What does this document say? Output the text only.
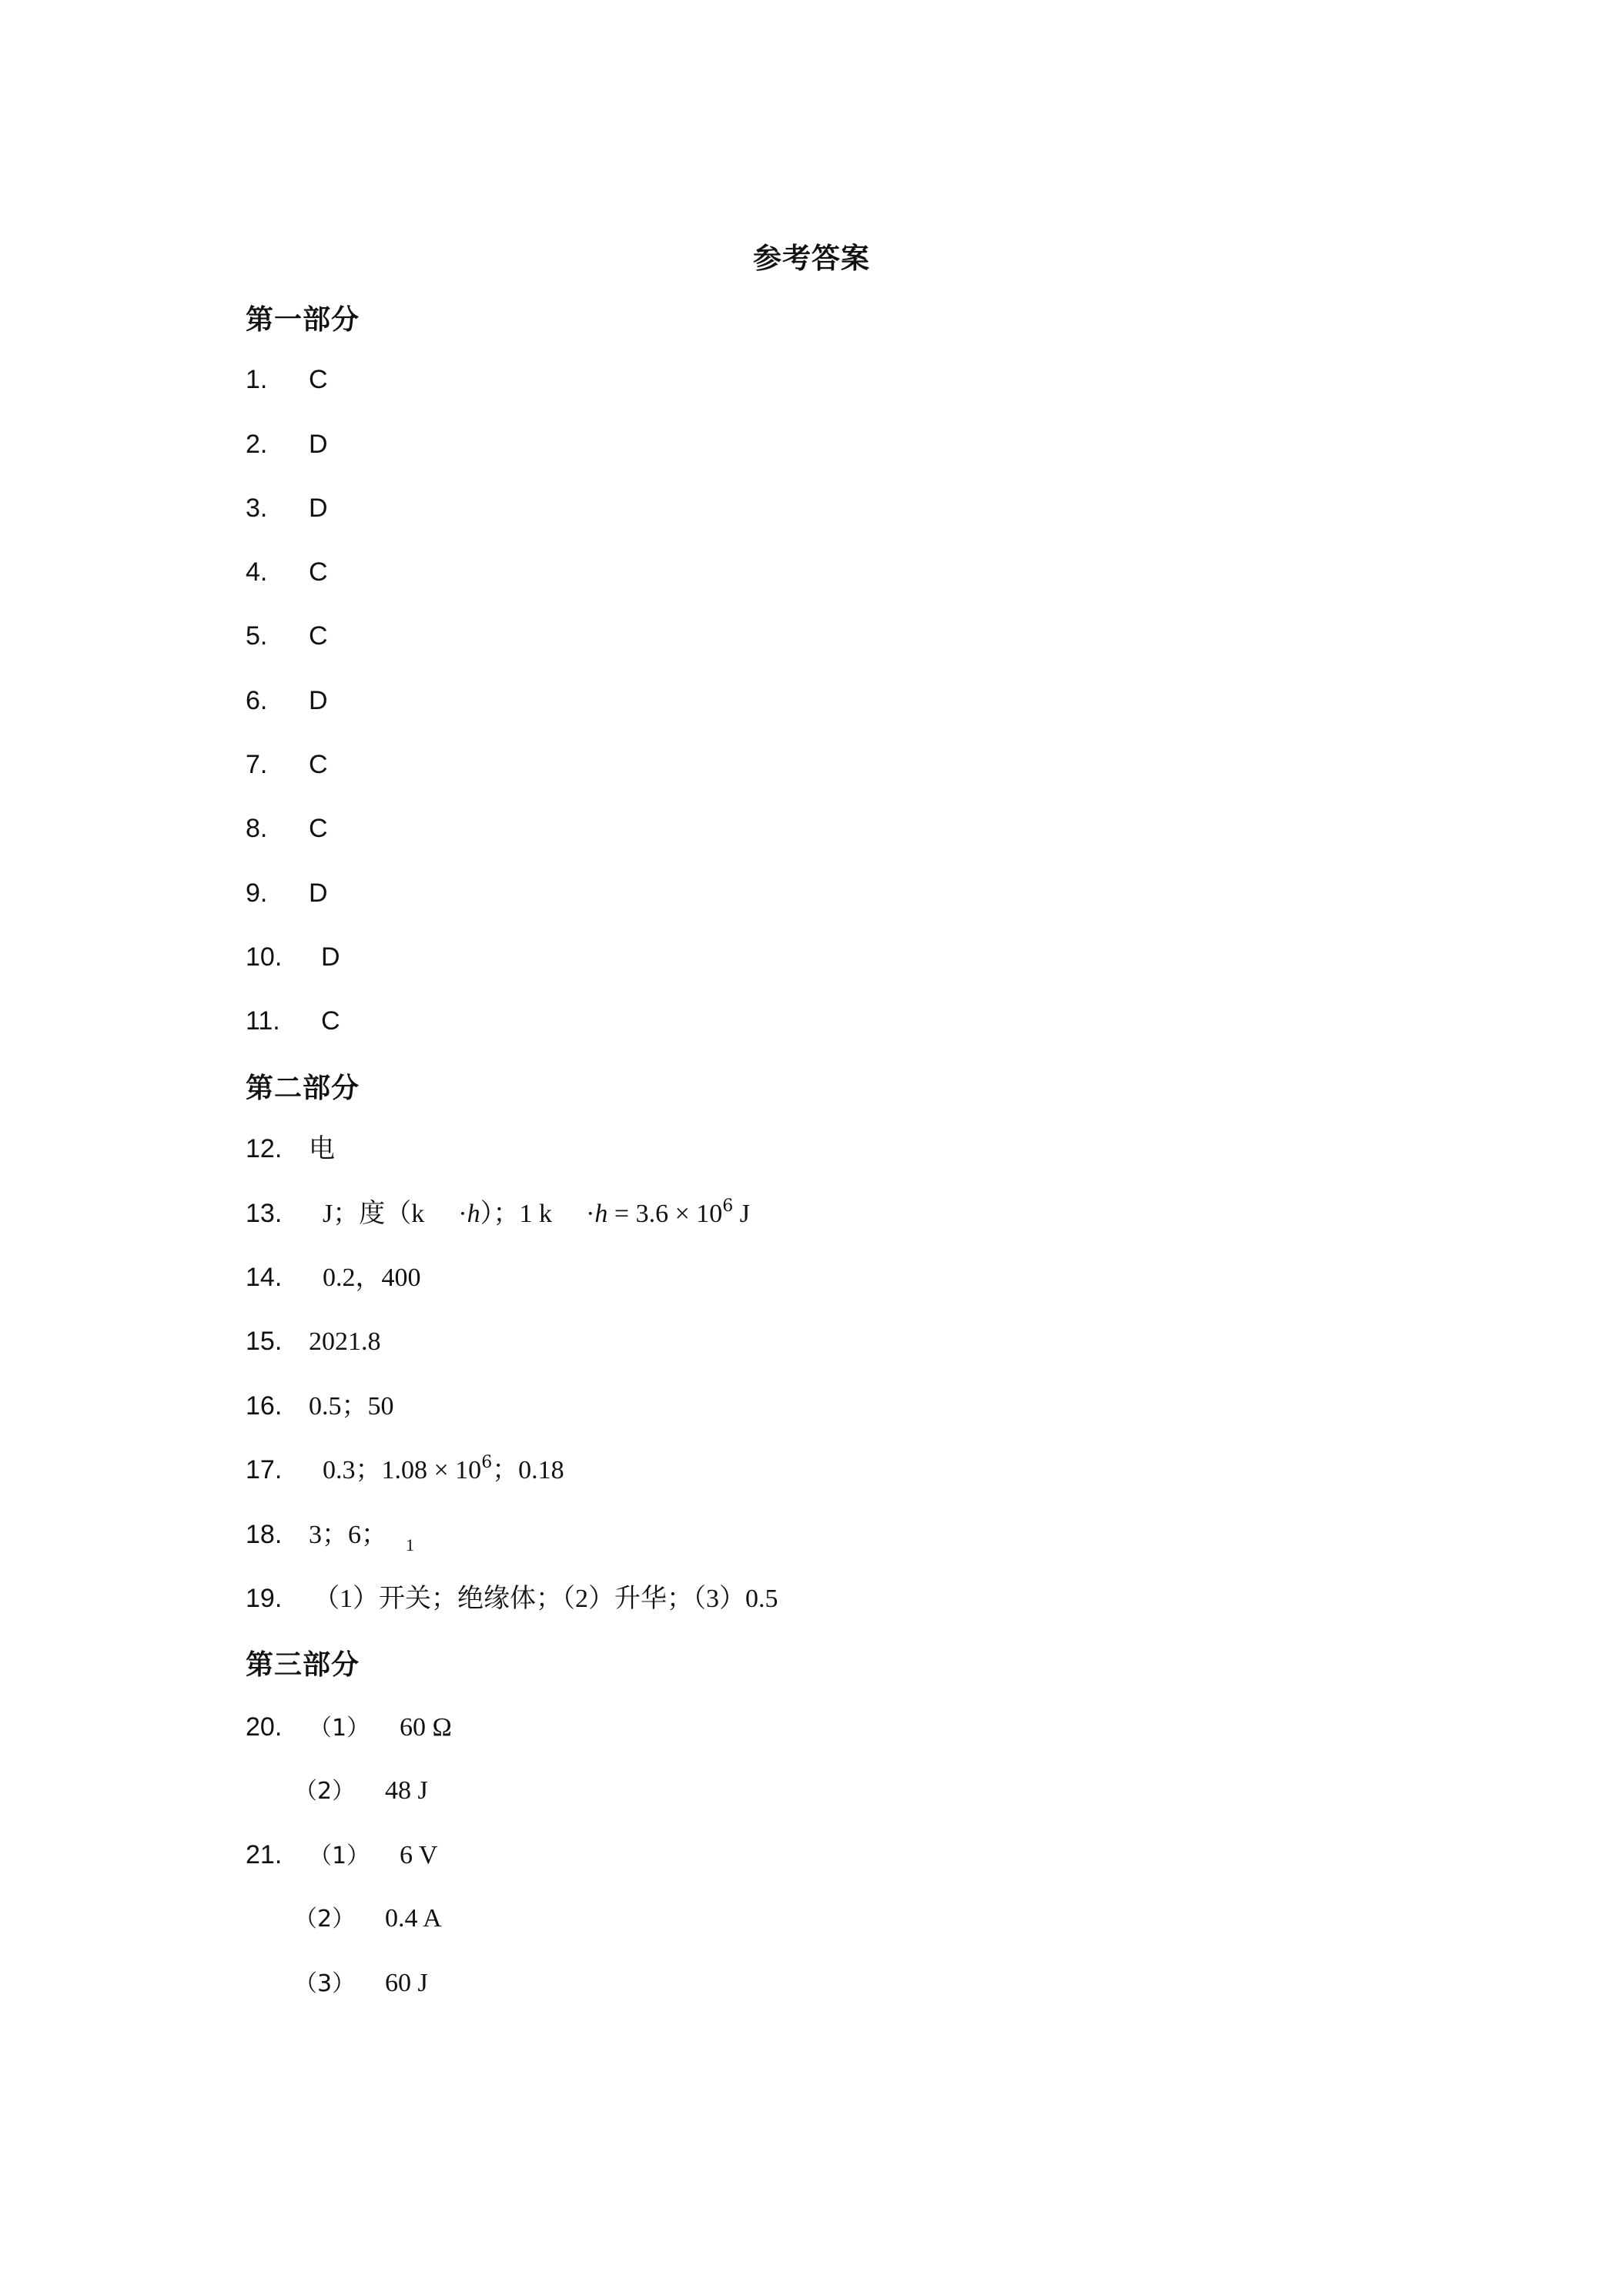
参考答案
第一部分
1. C
2. D
3. D
4. C
5. C
6. D
7. C
8. C
9. D
10. D
11. C
第二部分
12. 电
13. J；度（k ·h）；1 $k \cdot h = 3.6 \times 10^6$ J
14. 0.2，400
15. 2021.8
16. 0.5；50
17. 0.3；$1.08 \times 10^6$；0.18
18. 3；6； $_1$
19. （1）开关；绝缘体；（2）升华；（3）0.5
第三部分
20. （1） 60 Ω
（2） 48 J
21. （1） 6 V
（2） 0.4 A
（3） 60 J
